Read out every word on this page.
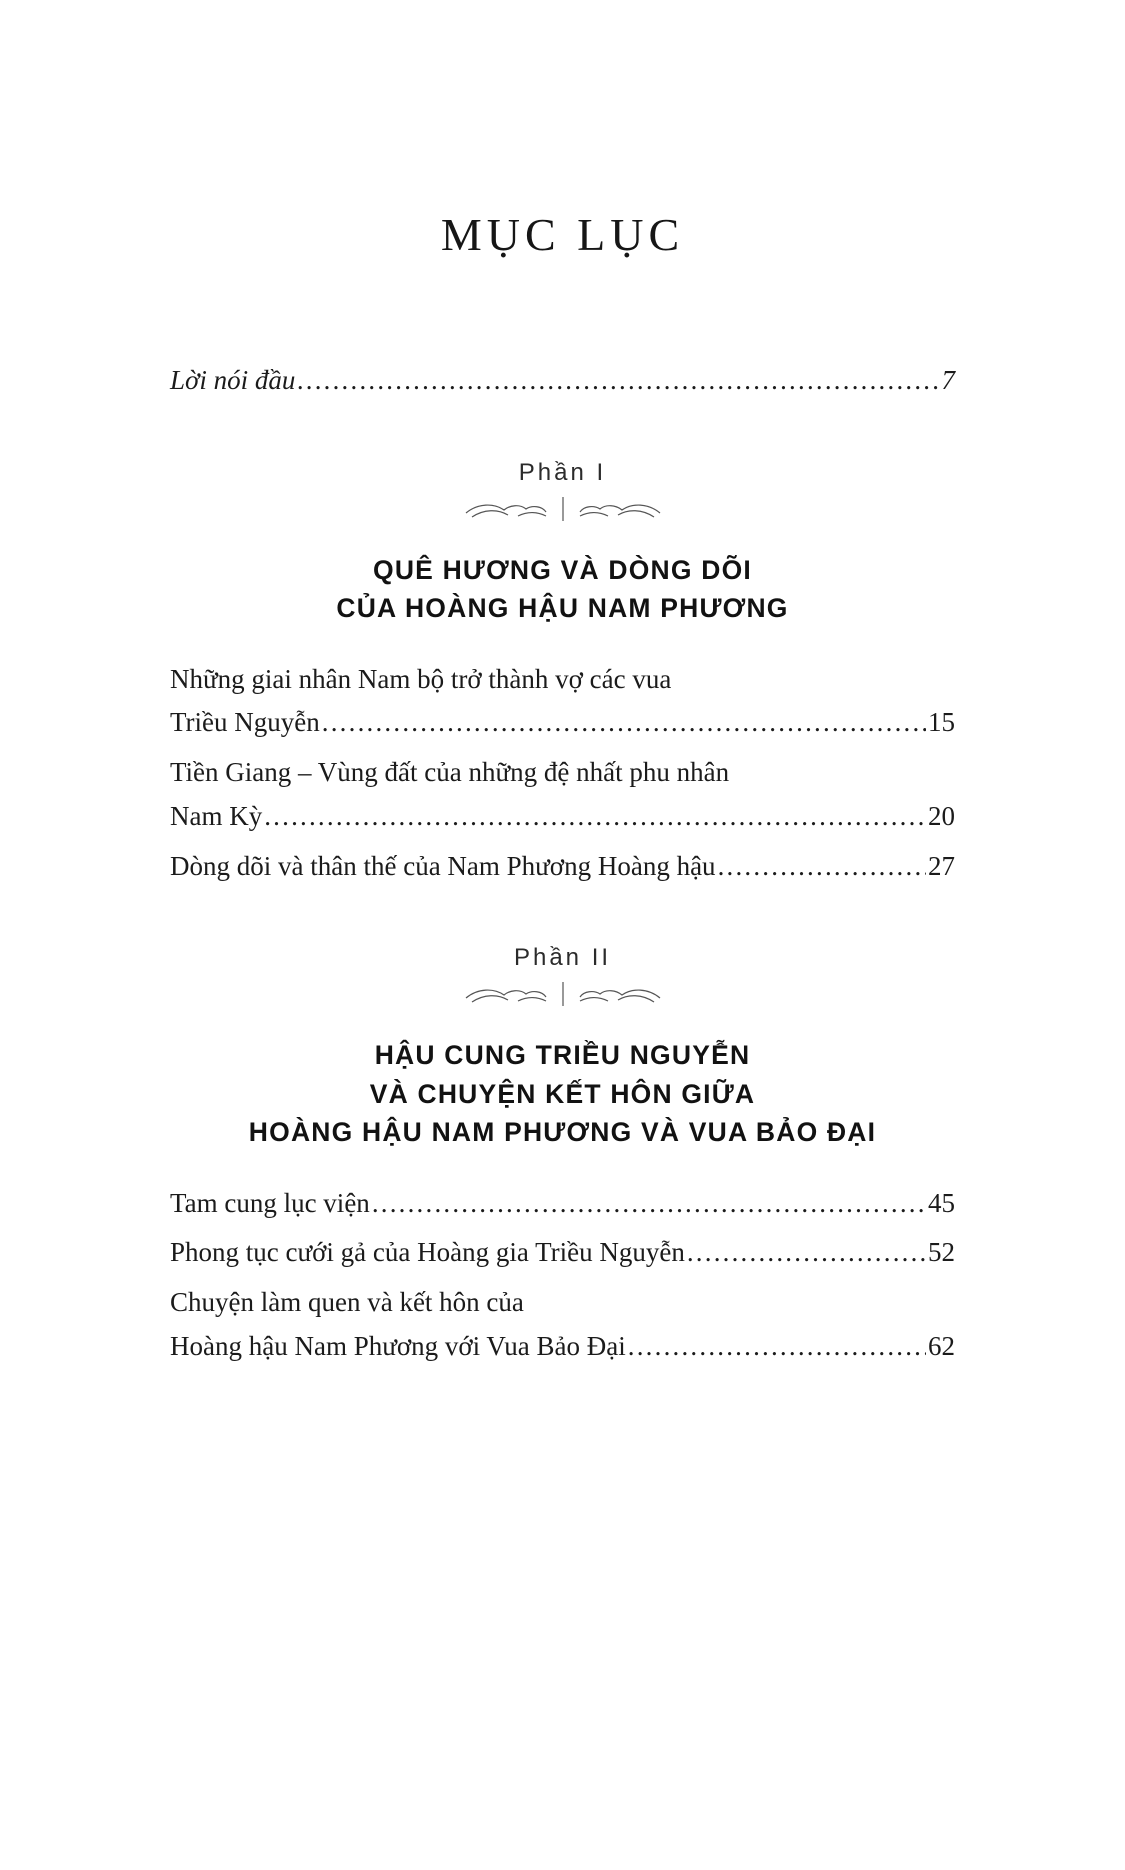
MỤC LỤC
Lời nói đầu .....	7
Phần I
QUÊ HƯƠNG VÀ DÒNG DÕI
CỦA HOÀNG HẬU NAM PHƯƠNG
Những giai nhân Nam bộ trở thành vợ các vua
Triều Nguyễn .....	15
Tiền Giang – Vùng đất của những đệ nhất phu nhân
Nam Kỳ .....	20
Dòng dõi và thân thế của Nam Phương Hoàng hậu .....	27
Phần II
HẬU CUNG TRIỀU NGUYỄN
VÀ CHUYỆN KẾT HÔN GIỮA
HOÀNG HẬU NAM PHƯƠNG VÀ VUA BẢO ĐẠI
Tam cung lục viện .....	45
Phong tục cưới gả của Hoàng gia Triều Nguyễn .....	52
Chuyện làm quen và kết hôn của
Hoàng hậu Nam Phương với Vua Bảo Đại .....	62
